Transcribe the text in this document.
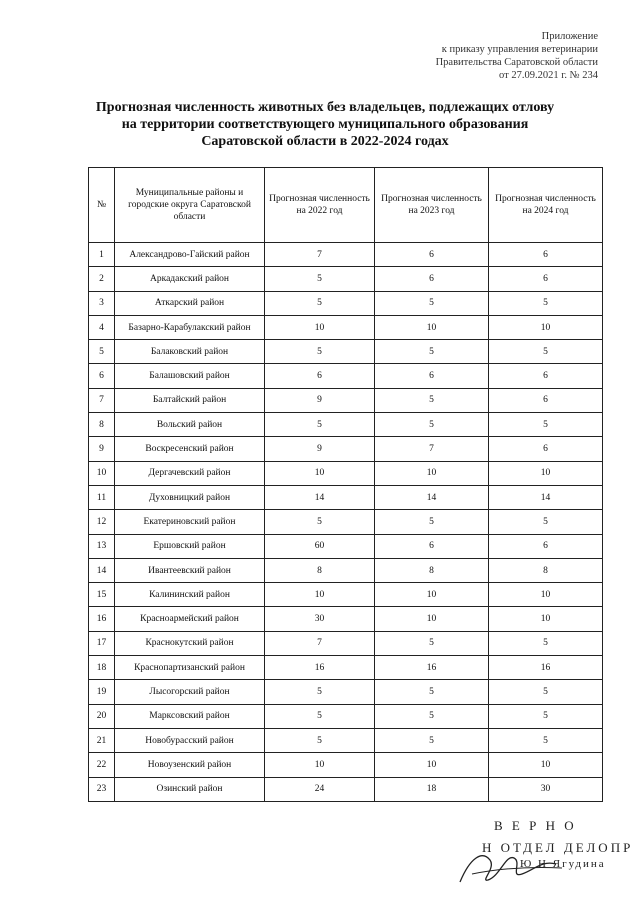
Приложение
к приказу управления ветеринарии
Правительства Саратовской области
от 27.09.2021 г. № 234
Прогнозная численность животных без владельцев, подлежащих отлову
на территории соответствующего муниципального образования
Саратовской области в 2022-2024 годах
№	Муниципальные районы и городские округа Саратовской области	Прогнозная численность на 2022 год	Прогнозная численность на 2023 год	Прогнозная численность на 2024 год
1	Александрово-Гайский район	7	6	6
2	Аркадакский район	5	6	6
3	Аткарский район	5	5	5
4	Базарно-Карабулакский район	10	10	10
5	Балаковский район	5	5	5
6	Балашовский район	6	6	6
7	Балтайский район	9	5	6
8	Вольский район	5	5	5
9	Воскресенский район	9	7	6
10	Дергачевский район	10	10	10
11	Духовницкий район	14	14	14
12	Екатериновский район	5	5	5
13	Ершовский район	60	6	6
14	Ивантеевский район	8	8	8
15	Калининский район	10	10	10
16	Красноармейский район	30	10	10
17	Краснокутский район	7	5	5
18	Краснопартизанский район	16	16	16
19	Лысогорский район	5	5	5
20	Марксовский район	5	5	5
21	Новобурасский район	5	5	5
22	Новоузенский район	10	10	10
23	Озинский район	24	18	30
В Е Р Н О
Н ОТДЕЛ ДЕЛОПР
Ю Н Ягудина
